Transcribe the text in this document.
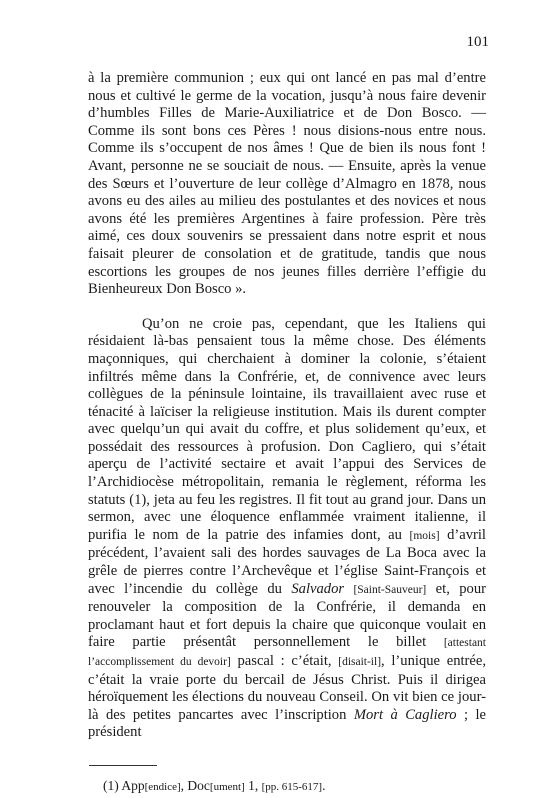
101

à la première communion ; eux qui ont lancé en pas mal d’entre nous et cultivé le germe de la vocation, jusqu’à nous faire devenir d’humbles Filles de Marie-Auxiliatrice et de Don Bosco. — Comme ils sont bons ces Pères ! nous disions-nous entre nous. Comme ils s’occupent de nos âmes ! Que de bien ils nous font ! Avant, personne ne se souciait de nous. — Ensuite, après la venue des Sœurs et l’ouverture de leur collège d’Almagro en 1878, nous avons eu des ailes au milieu des postulantes et des novices et nous avons été les premières Argentines à faire profession. Père très aimé, ces doux souvenirs se pressaient dans notre esprit et nous faisait pleurer de consolation et de gratitude, tandis que nous escortions les groupes de nos jeunes filles derrière l’effigie du Bienheureux Don Bosco ».

Qu’on ne croie pas, cependant, que les Italiens qui résidaient là-bas pensaient tous la même chose. Des éléments maçonniques, qui cherchaient à dominer la colonie, s’étaient infiltrés même dans la Confrérie, et, de connivence avec leurs collègues de la péninsule lointaine, ils travaillaient avec ruse et ténacité à laïciser la religieuse institution. Mais ils durent compter avec quelqu’un qui avait du coffre, et plus solidement qu’eux, et possédait des ressources à profusion. Don Cagliero, qui s’était aperçu de l’activité sectaire et avait l’appui des Services de l’Archidiocèse métropolitain, remania le règlement, réforma les statuts (1), jeta au feu les registres. Il fit tout au grand jour. Dans un sermon, avec une éloquence enflammée vraiment italienne, il purifia le nom de la patrie des infamies dont, au [mois] d’avril précédent, l’avaient sali des hordes sauvages de La Boca avec la grêle de pierres contre l’Archevêque et l’église Saint-François et avec l’incendie du collège du Salvador [Saint-Sauveur] et, pour renouveler la composition de la Confrérie, il demanda en proclamant haut et fort depuis la chaire que quiconque voulait en faire partie présentât personnellement le billet [attestant l’accomplissement du devoir] pascal : c’était, [disait-il], l’unique entrée, c’était la vraie porte du bercail de Jésus Christ. Puis il dirigea héroïquement les élections du nouveau Conseil. On vit bien ce jour-là des petites pancartes avec l’inscription Mort à Cagliero ; le président

(1) App[endice], Doc[ument] 1, [pp. 615-617].
